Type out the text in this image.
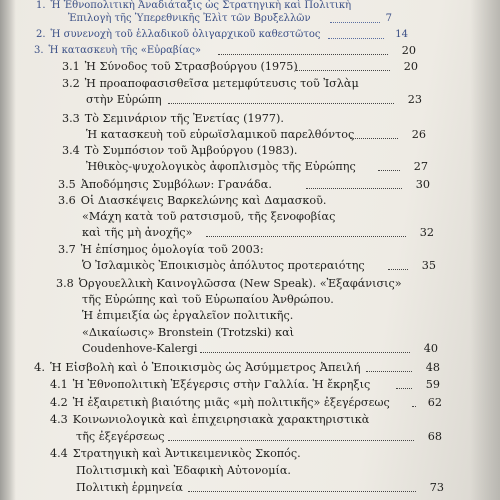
1. Ἡ Ἐθνοπολιτικὴ Ἀναδιάταξις ὡς Στρατηγικὴ καὶ Πολιτικὴ
Ἐπιλογὴ τῆς Ὑπερεθνικῆς Ἐλὶτ τῶν Βρυξελλῶν	7
2. Ἡ συνενοχὴ τοῦ ἑλλαδικοῦ ὀλιγαρχικοῦ καθεστῶτος	14
3. Ἡ κατασκευὴ τῆς «Εὐραβίας»	20
3.1 Ἡ Σύνοδος τοῦ Στρασβούργου (1975)	20
3.2 Ἡ προαποφασισθεῖσα μετεμφύτευσις τοῦ Ἰσλὰμ
στὴν Εὐρώπη	23
3.3 Τὸ Σεμινάριον τῆς Ἐνετίας (1977).
Ἡ κατασκευὴ τοῦ εὐρωϊσλαμικοῦ παρελθόντος	26
3.4 Τὸ Συμπόσιον τοῦ Ἀμβούργου (1983).
Ἠθικὸς-ψυχολογικὸς ἀφοπλισμὸς τῆς Εὐρώπης	27
3.5 Ἀποδόμησις Συμβόλων: Γρανάδα.	30
3.6 Οἱ Διασκέψεις Βαρκελώνης καὶ Δαμασκοῦ.
«Μάχη κατὰ τοῦ ρατσισμοῦ, τῆς ξενοφοβίας
καὶ τῆς μὴ ἀνοχῆς»	32
3.7 Ἡ ἐπίσημος ὁμολογία τοῦ 2003:
Ὁ Ἰσλαμικὸς Ἐποικισμὸς ἀπόλυτος προτεραιότης	35
3.8 Ὀργουελλικὴ Καινογλῶσσα (New Speak). «Ἐξαφάνισις»
τῆς Εὐρώπης καὶ τοῦ Εὐρωπαίου Ἀνθρώπου.
Ἡ ἐπιμειξία ὡς ἐργαλεῖον πολιτικῆς.
«Δικαίωσις» Bronstein (Trotzski) καὶ
Coudenhove-Kalergi	40
4. Ἡ Εἰσβολὴ καὶ ὁ Ἐποικισμὸς ὡς Ἀσύμμετρος Ἀπειλή	48
4.1 Ἡ Ἐθνοπολιτικὴ Ἐξέγερσις στὴν Γαλλία. Ἡ ἔκρηξις	59
4.2 Ἡ ἐξαιρετικὴ βιαιότης μιᾶς «μὴ πολιτικῆς» ἐξεγέρσεως	62
4.3 Κοινωνιολογικὰ καὶ ἐπιχειρησιακὰ χαρακτηριστικὰ
τῆς ἐξεγέρσεως	68
4.4 Στρατηγικὴ καὶ Ἀντικειμενικὸς Σκοπός.
Πολιτισμικὴ καὶ Ἐδαφικὴ Αὐτονομία.
Πολιτικὴ ἑρμηνεία	73
